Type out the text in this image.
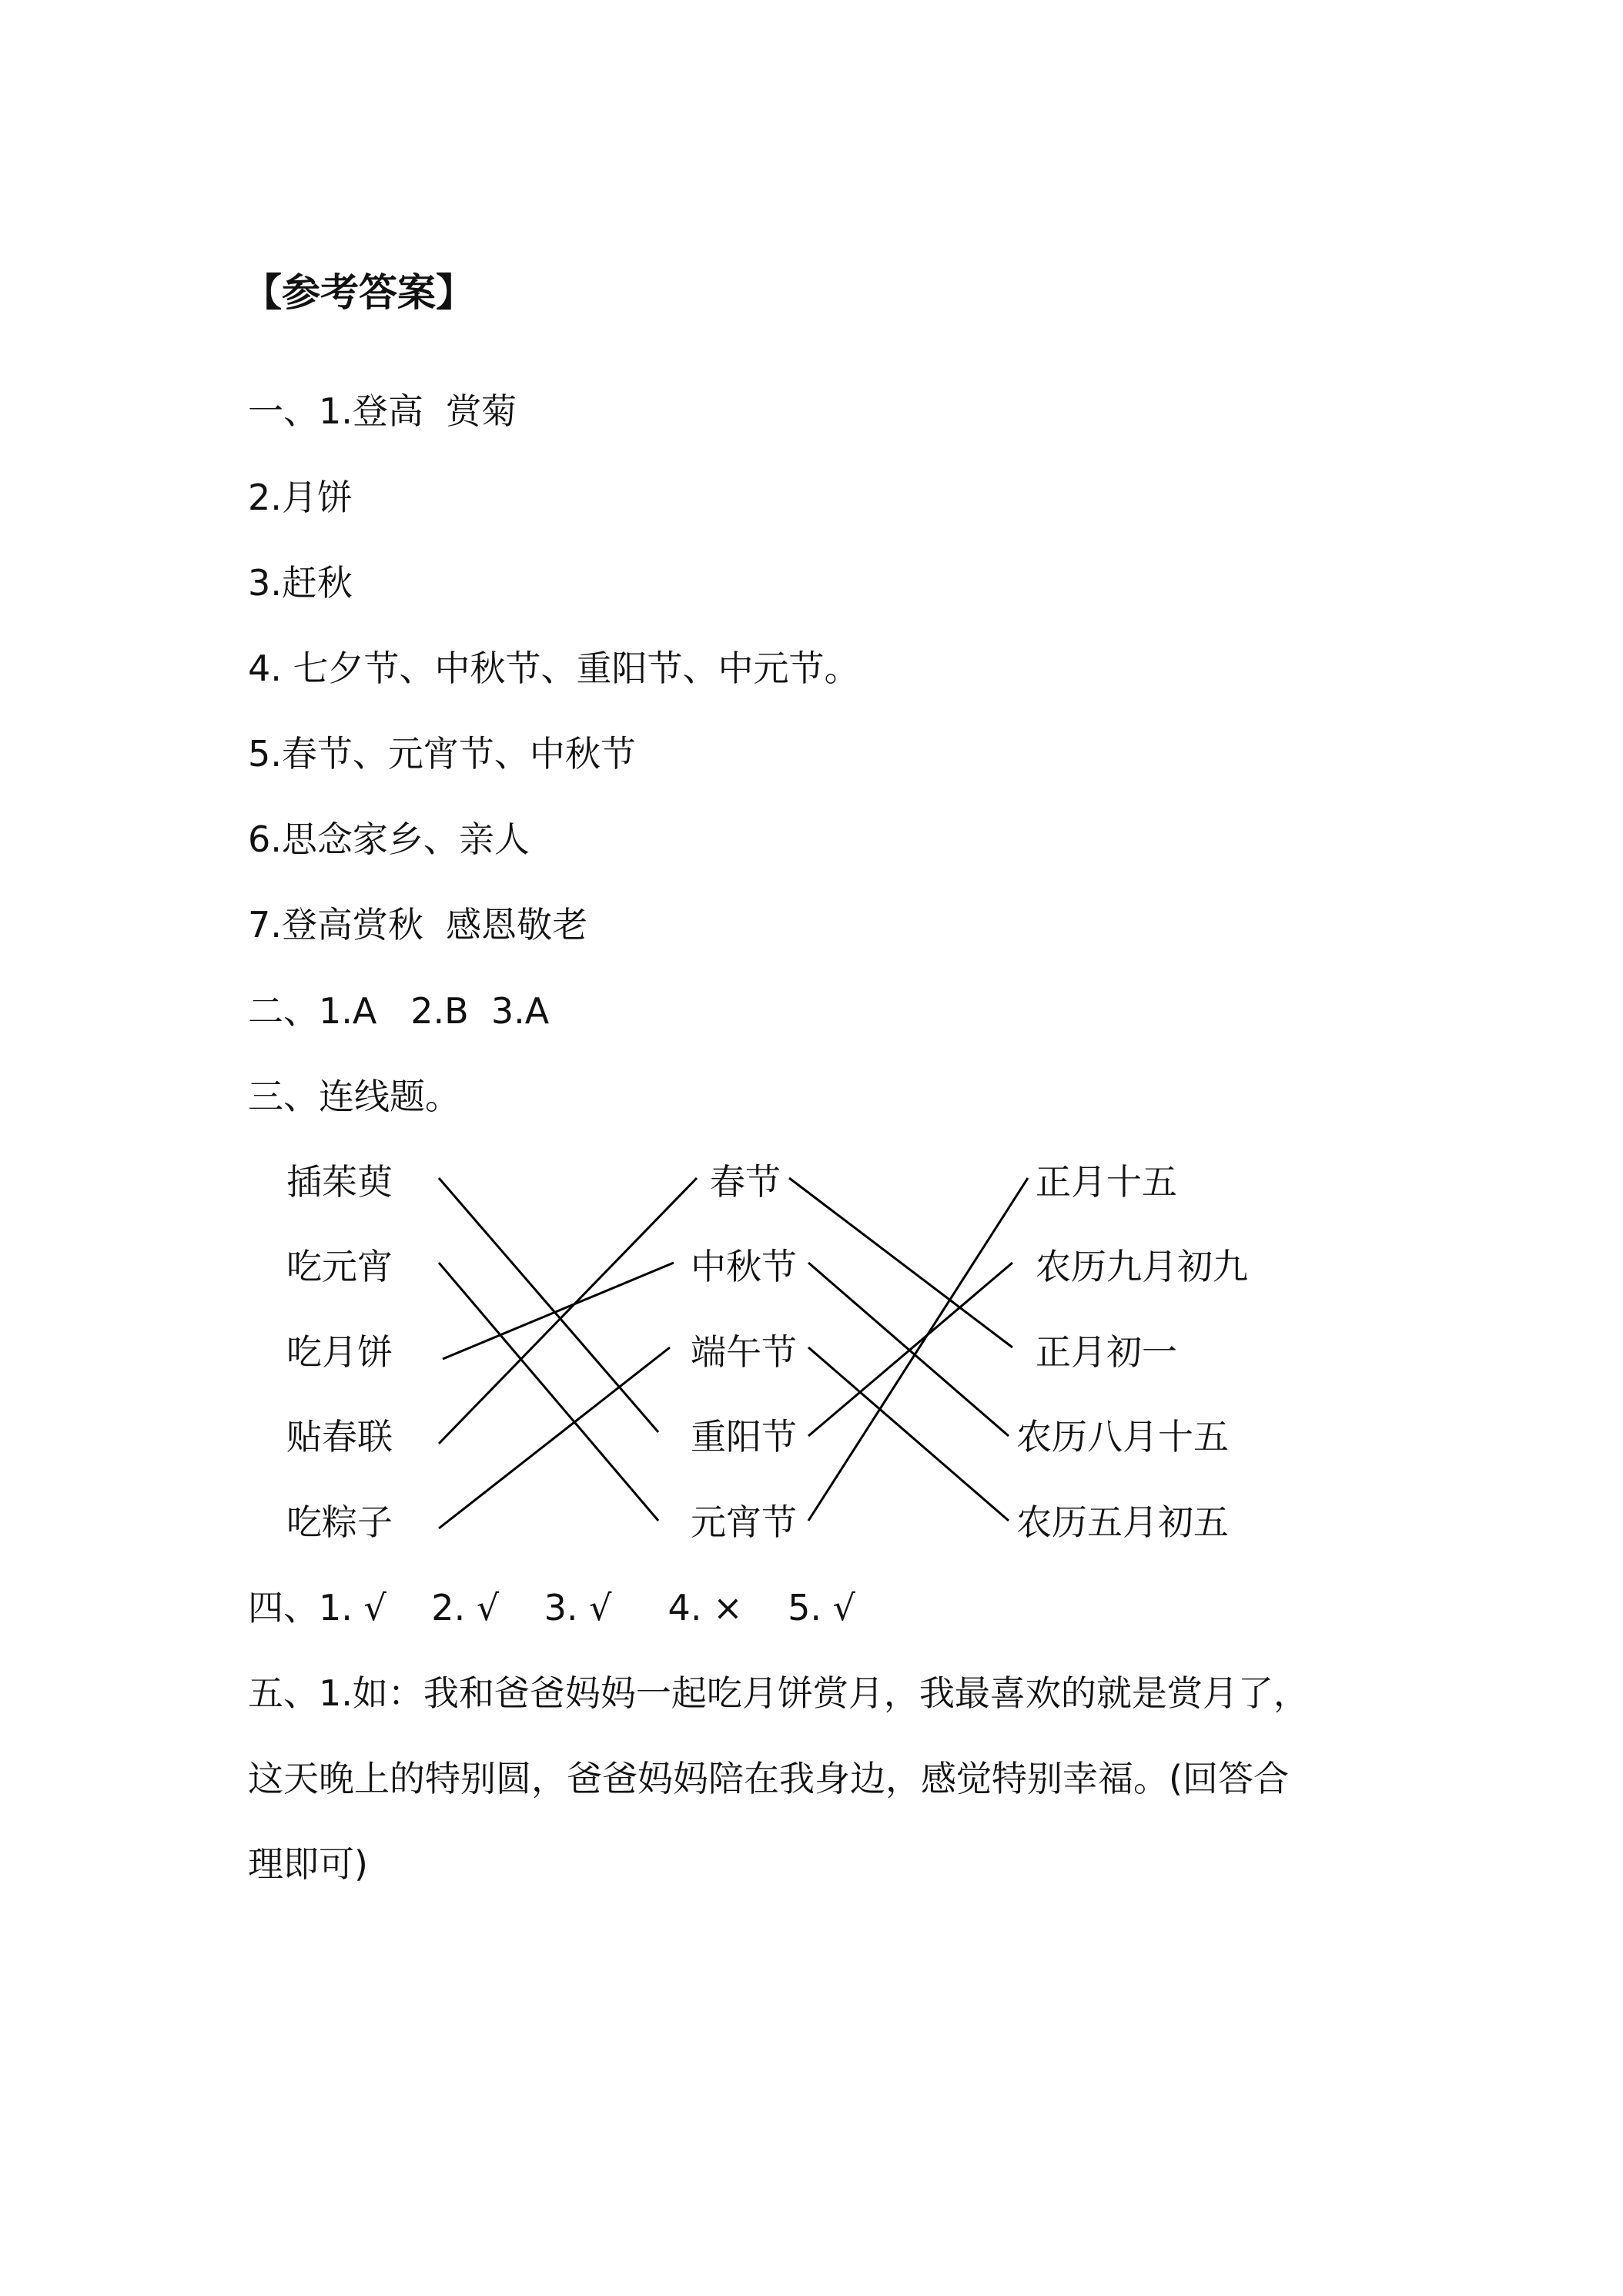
【参考答案】
一、1.登高  赏菊
2.月饼
3.赶秋
4. 七夕节、中秋节、重阳节、中元节。
5.春节、元宵节、中秋节
6.思念家乡、亲人
7.登高赏秋  感恩敬老
二、1.A   2.B  3.A
三、连线题。
插茱萸
吃元宵
吃月饼
贴春联
吃粽子
春节
中秋节
端午节
重阳节
元宵节
正月十五
农历九月初九
正月初一
农历八月十五
农历五月初五
四、1. √    2. √    3. √     4. ×    5. √
五、1.如：我和爸爸妈妈一起吃月饼赏月，我最喜欢的就是赏月了，
这天晚上的特别圆，爸爸妈妈陪在我身边，感觉特别幸福。(回答合
理即可)
